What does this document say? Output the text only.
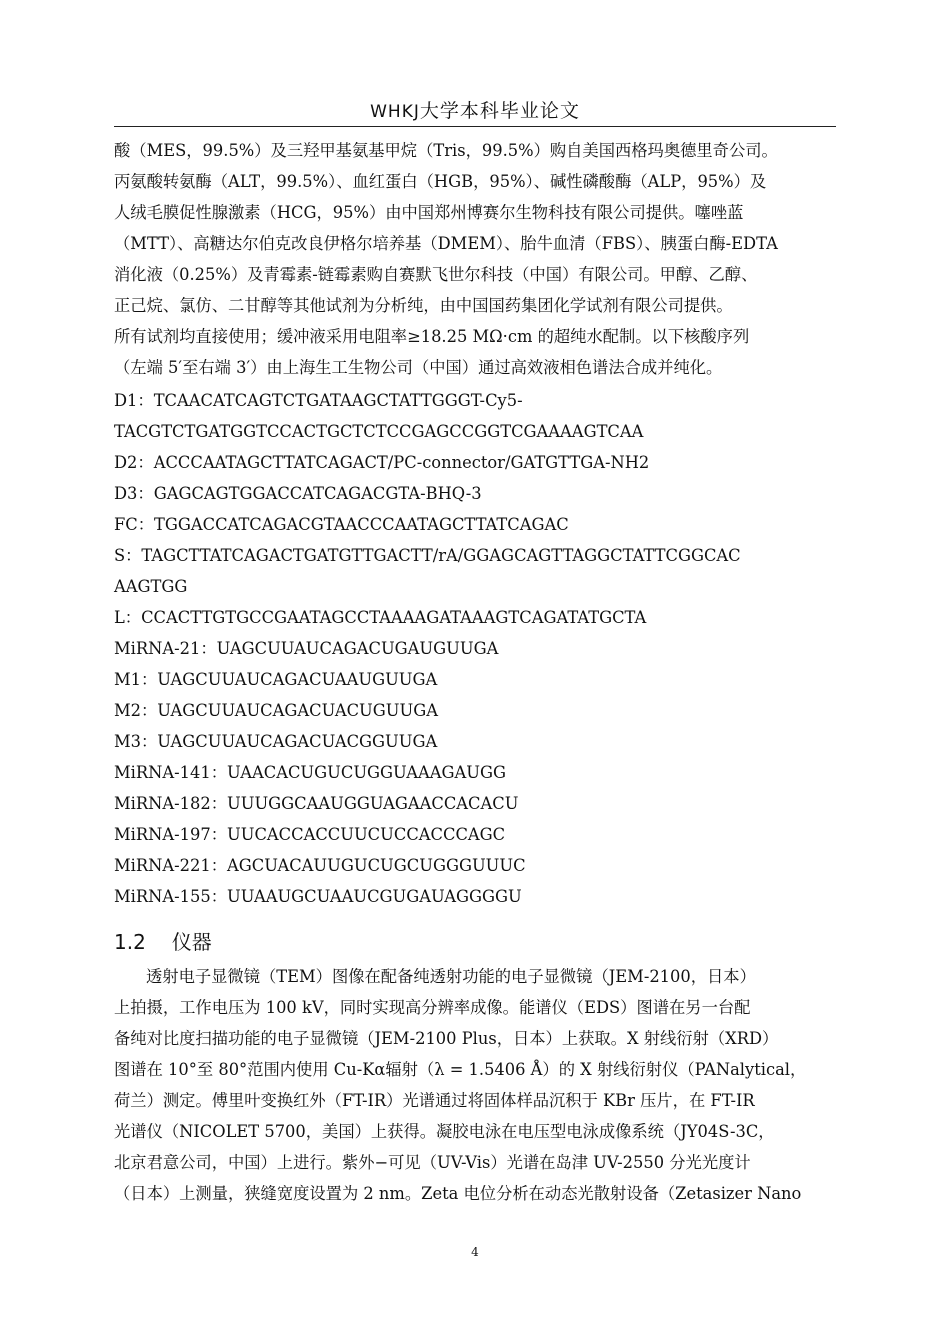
WHKJ大学本科毕业论文
酸（MES，99.5%）及三羟甲基氨基甲烷（Tris，99.5%）购自美国西格玛奥德里奇公司。
丙氨酸转氨酶（ALT，99.5%）、血红蛋白（HGB，95%）、碱性磷酸酶（ALP，95%）及
人绒毛膜促性腺激素（HCG，95%）由中国郑州博赛尔生物科技有限公司提供。噻唑蓝
（MTT）、高糖达尔伯克改良伊格尔培养基（DMEM）、胎牛血清（FBS）、胰蛋白酶-EDTA
消化液（0.25%）及青霉素-链霉素购自赛默飞世尔科技（中国）有限公司。甲醇、乙醇、
正己烷、氯仿、二甘醇等其他试剂为分析纯，由中国国药集团化学试剂有限公司提供。
所有试剂均直接使用；缓冲液采用电阻率≥18.25 MΩ·cm 的超纯水配制。以下核酸序列
（左端 5′至右端 3′）由上海生工生物公司（中国）通过高效液相色谱法合成并纯化。
D1：TCAACATCAGTCTGATAAGCTATTGGGT-Cy5-
TACGTCTGATGGTCCACTGCTCTCCGAGCCGGTCGAAAAGTCAA
D2：ACCCAATAGCTTATCAGACT/PC-connector/GATGTTGA-NH2
D3：GAGCAGTGGACCATCAGACGTA-BHQ-3
FC：TGGACCATCAGACGTAACCCAATAGCTTATCAGAC
S：TAGCTTATCAGACTGATGTTGACTT/rA/GGAGCAGTTAGGCTATTCGGCAC
AAGTGG
L：CCACTTGTGCCGAATAGCCTAAAAGATAAAGTCAGATATGCTA
MiRNA-21：UAGCUUAUCAGACUGAUGUUGA
M1：UAGCUUAUCAGACUAAUGUUGA
M2：UAGCUUAUCAGACUACUGUUGA
M3：UAGCUUAUCAGACUACGGUUGA
MiRNA-141：UAACACUGUCUGGUAAAGAUGG
MiRNA-182：UUUGGCAAUGGUAGAACCACACU
MiRNA-197：UUCACCACCUUCUCCACCCAGC
MiRNA-221：AGCUACAUUGUCUGCUGGGUUUC
MiRNA-155：UUAAUGCUAAUCGUGAUAGGGGU
1.2 仪器
透射电子显微镜（TEM）图像在配备纯透射功能的电子显微镜（JEM-2100，日本）
上拍摄，工作电压为 100 kV，同时实现高分辨率成像。能谱仪（EDS）图谱在另一台配
备纯对比度扫描功能的电子显微镜（JEM-2100 Plus，日本）上获取。X 射线衍射（XRD）
图谱在 10°至 80°范围内使用 Cu-Kα辐射（λ = 1.5406 Å）的 X 射线衍射仪（PANalytical，
荷兰）测定。傅里叶变换红外（FT-IR）光谱通过将固体样品沉积于 KBr 压片，在 FT-IR
光谱仪（NICOLET 5700，美国）上获得。凝胶电泳在电压型电泳成像系统（JY04S-3C，
北京君意公司，中国）上进行。紫外−可见（UV-Vis）光谱在岛津 UV-2550 分光光度计
（日本）上测量，狭缝宽度设置为 2 nm。Zeta 电位分析在动态光散射设备（Zetasizer Nano
4
